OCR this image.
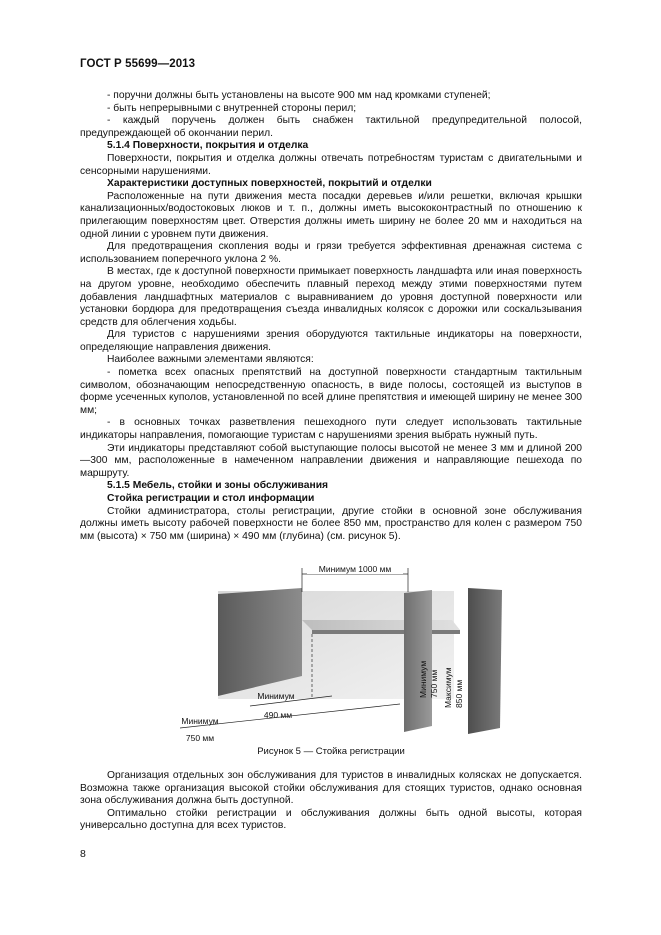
ГОСТ Р 55699—2013

- поручни должны быть установлены на высоте 900 мм над кромками ступеней;

- быть непрерывными с внутренней стороны перил;

- каждый поручень должен быть снабжен тактильной предупредительной полосой, предупреждающей об окончании перил.

5.1.4 Поверхности, покрытия и отделка

Поверхности, покрытия и отделка должны отвечать потребностям туристам с двигательными и сенсорными нарушениями.

Характеристики доступных поверхностей, покрытий и отделки

Расположенные на пути движения места посадки деревьев и/или решетки, включая крышки канализационных/водостоковых люков и т. п., должны иметь высококонтрастный по отношению к прилегающим поверхностям цвет. Отверстия должны иметь ширину не более 20 мм и находиться на одной линии с уровнем пути движения.

Для предотвращения скопления воды и грязи требуется эффективная дренажная система с использованием поперечного уклона 2 %.

В местах, где к доступной поверхности примыкает поверхность ландшафта или иная поверхность на другом уровне, необходимо обеспечить плавный переход между этими поверхностями путем добавления ландшафтных материалов с выравниванием до уровня доступной поверхности или установки бордюра для предотвращения съезда инвалидных колясок с дорожки или соскальзывания средств для облегчения ходьбы.

Для туристов с нарушениями зрения оборудуются тактильные индикаторы на поверхности, определяющие направления движения.

Наиболее важными элементами являются:

- пометка всех опасных препятствий на доступной поверхности стандартным тактильным символом, обозначающим непосредственную опасность, в виде полосы, состоящей из выступов в форме усеченных куполов, установленной по всей длине препятствия и имеющей ширину не менее 300 мм;

- в основных точках разветвления пешеходного пути следует использовать тактильные индикаторы направления, помогающие туристам с нарушениями зрения выбрать нужный путь.

Эти индикаторы представляют собой выступающие полосы высотой не менее 3 мм и длиной 200—300 мм, расположенные в намеченном направлении движения и направляющие пешехода по маршруту.

5.1.5 Мебель, стойки и зоны обслуживания

Стойка регистрации и стол информации

Стойки администратора, столы регистрации, другие стойки в основной зоне обслуживания должны иметь высоту рабочей поверхности не более 850 мм, пространство для колен с размером 750 мм (высота) × 750 мм (ширина) × 490 мм (глубина) (см. рисунок 5).

Минимум 1000 мм
Минимум
490 мм
Минимум
750 мм
Минимум 750 мм Максимум 850 мм
Рисунок 5 — Стойка регистрации

Организация отдельных зон обслуживания для туристов в инвалидных колясках не допускается. Возможна также организация высокой стойки обслуживания для стоящих туристов, однако основная зона обслуживания должна быть доступной.

Оптимально стойки регистрации и обслуживания должны быть одной высоты, которая универсально доступна для всех туристов.

8
